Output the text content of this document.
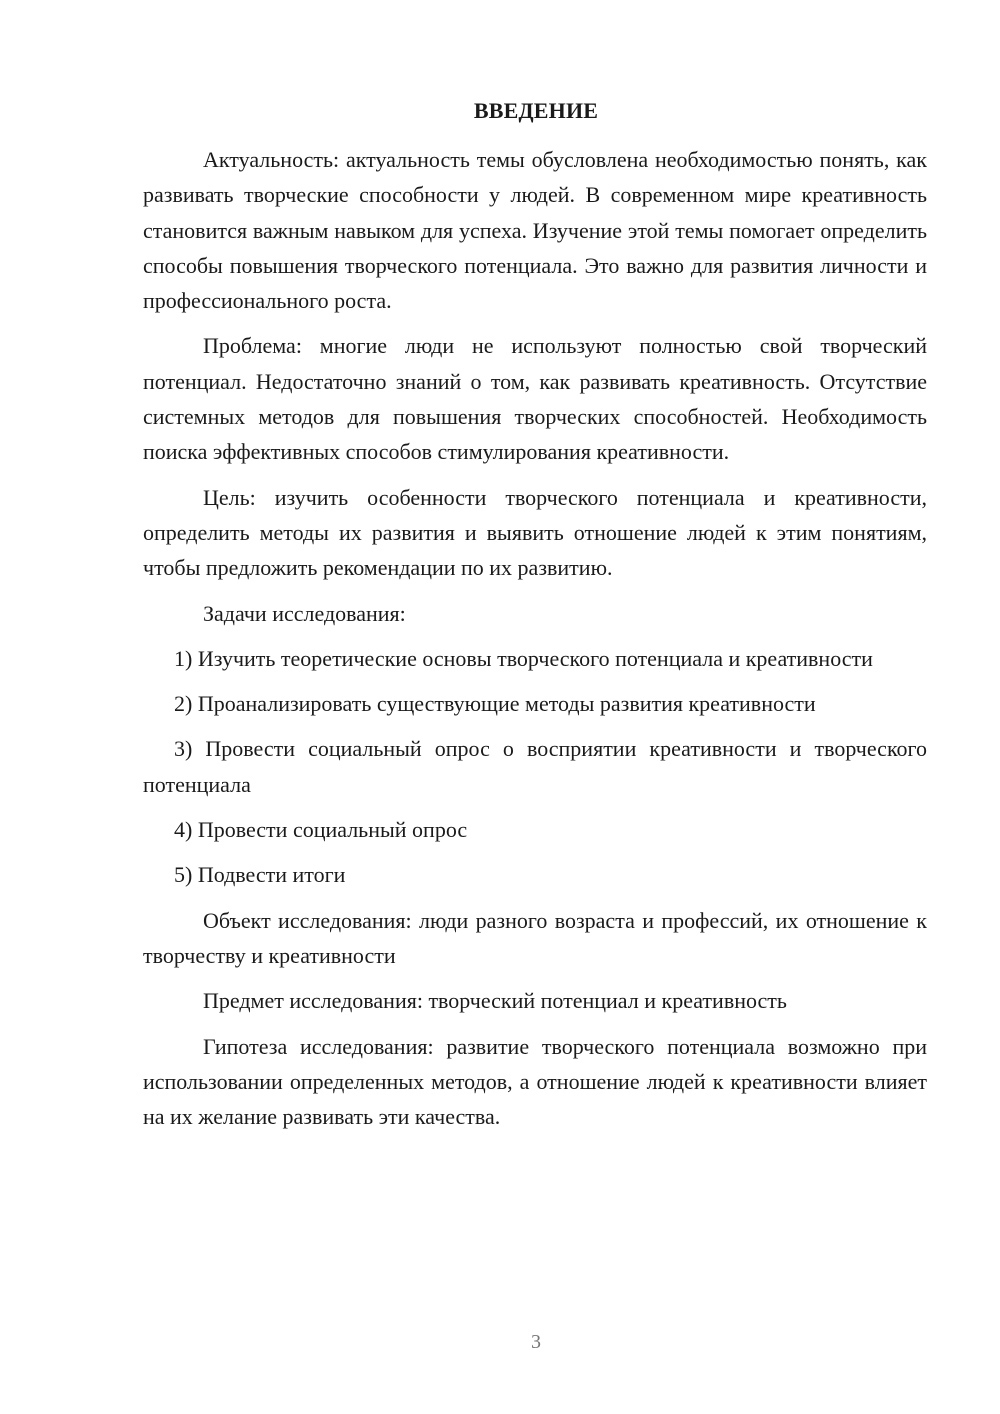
ВВЕДЕНИЕ

Актуальность: актуальность темы обусловлена необходимостью понять, как развивать творческие способности у людей. В современном мире креативность становится важным навыком для успеха. Изучение этой темы помогает определить способы повышения творческого потенциала. Это важно для развития личности и профессионального роста.

Проблема: многие люди не используют полностью свой творческий потенциал. Недостаточно знаний о том, как развивать креативность. Отсутствие системных методов для повышения творческих способностей. Необходимость поиска эффективных способов стимулирования креативности.

Цель: изучить особенности творческого потенциала и креативности, определить методы их развития и выявить отношение людей к этим понятиям, чтобы предложить рекомендации по их развитию.

Задачи исследования:

1) Изучить теоретические основы творческого потенциала и креативности

2) Проанализировать существующие методы развития креативности

3) Провести социальный опрос о восприятии креативности и творческого потенциала

4) Провести социальный опрос

5) Подвести итоги

Объект исследования: люди разного возраста и профессий, их отношение к творчеству и креативности

Предмет исследования: творческий потенциал и креативность

Гипотеза исследования: развитие творческого потенциала возможно при использовании определенных методов, а отношение людей к креативности влияет на их желание развивать эти качества.

3
